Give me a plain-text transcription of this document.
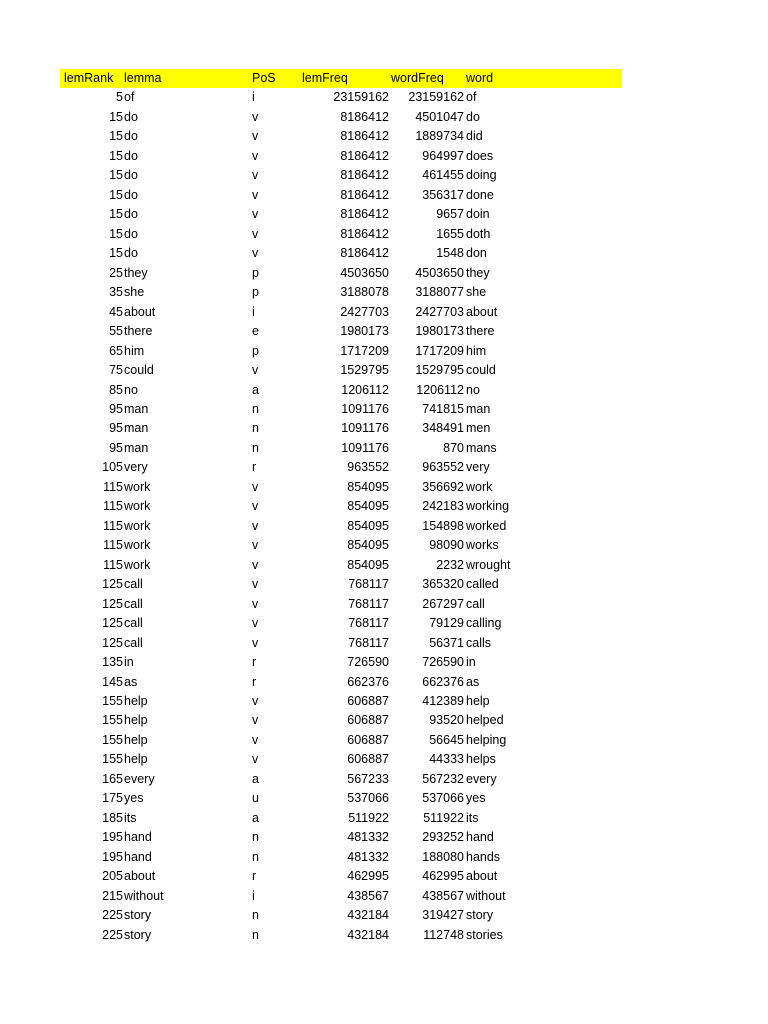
lemRank lemma	PoS	lemFreq	wordFreq	word
5 of	i	23159162	23159162 of
15 do	v	8186412	4501047 do
15 do	v	8186412	1889734 did
15 do	v	8186412	964997 does
15 do	v	8186412	461455 doing
15 do	v	8186412	356317 done
15 do	v	8186412	9657 doin
15 do	v	8186412	1655 doth
15 do	v	8186412	1548 don
25 they	p	4503650	4503650 they
35 she	p	3188078	3188077 she
45 about	i	2427703	2427703 about
55 there	e	1980173	1980173 there
65 him	p	1717209	1717209 him
75 could	v	1529795	1529795 could
85 no	a	1206112	1206112 no
95 man	n	1091176	741815 man
95 man	n	1091176	348491 men
95 man	n	1091176	870 mans
105 very	r	963552	963552 very
115 work	v	854095	356692 work
115 work	v	854095	242183 working
115 work	v	854095	154898 worked
115 work	v	854095	98090 works
115 work	v	854095	2232 wrought
125 call	v	768117	365320 called
125 call	v	768117	267297 call
125 call	v	768117	79129 calling
125 call	v	768117	56371 calls
135 in	r	726590	726590 in
145 as	r	662376	662376 as
155 help	v	606887	412389 help
155 help	v	606887	93520 helped
155 help	v	606887	56645 helping
155 help	v	606887	44333 helps
165 every	a	567233	567232 every
175 yes	u	537066	537066 yes
185 its	a	511922	511922 its
195 hand	n	481332	293252 hand
195 hand	n	481332	188080 hands
205 about	r	462995	462995 about
215 without	i	438567	438567 without
225 story	n	432184	319427 story
225 story	n	432184	112748 stories
